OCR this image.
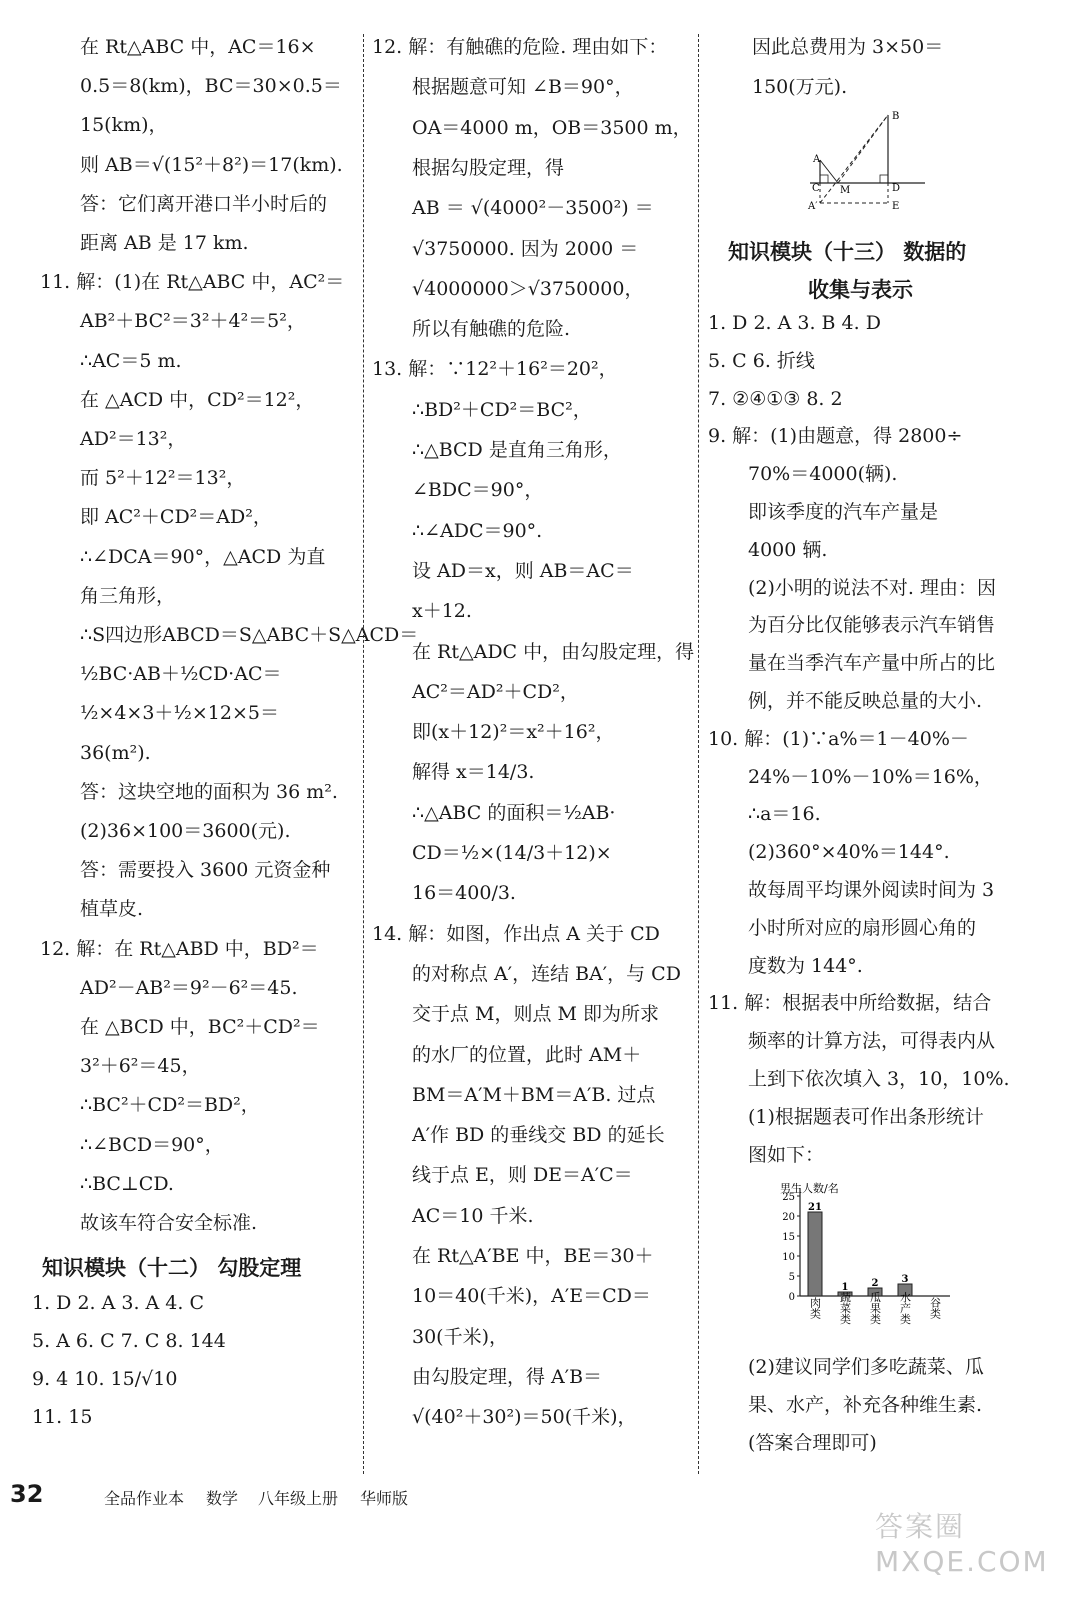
32	全品作业本 数学 八年级上册 华师版
答案圈 MXQE.COM
在 Rt△ABC 中，AC＝16×
0.5＝8(km)，BC＝30×0.5＝
15(km)，
则 AB＝√(15²＋8²)＝17(km).
答：它们离开港口半小时后的
距离 AB 是 17 km.
11. 解：(1)在 Rt△ABC 中，AC²＝
AB²＋BC²＝3²＋4²＝5²，
∴AC＝5 m.
在 △ACD 中，CD²＝12²，
AD²＝13²，
而 5²＋12²＝13²，
即 AC²＋CD²＝AD²，
∴∠DCA＝90°，△ACD 为直
角三角形，
∴S四边形ABCD＝S△ABC＋S△ACD＝
½BC·AB＋½CD·AC＝
½×4×3＋½×12×5＝
36(m²).
答：这块空地的面积为 36 m².
(2)36×100＝3600(元).
答：需要投入 3600 元资金种
植草皮.
12. 解：在 Rt△ABD 中，BD²＝
AD²－AB²＝9²－6²＝45.
在 △BCD 中，BC²＋CD²＝
3²＋6²＝45，
∴BC²＋CD²＝BD²，
∴∠BCD＝90°，
∴BC⊥CD.
故该车符合安全标准.
知识模块（十二） 勾股定理
1. D 2. A 3. A 4. C
5. A 6. C 7. C 8. 144
9. 4 10. 15/√10
11. 15
12. 解：有触礁的危险. 理由如下：
根据题意可知 ∠B＝90°，
OA＝4000 m，OB＝3500 m，
根据勾股定理，得
AB ＝ √(4000²－3500²) ＝
√3750000. 因为 2000 ＝
√4000000＞√3750000，
所以有触礁的危险.
13. 解：∵12²＋16²＝20²，
∴BD²＋CD²＝BC²，
∴△BCD 是直角三角形，
∠BDC＝90°，
∴∠ADC＝90°.
设 AD＝x，则 AB＝AC＝
x＋12.
在 Rt△ADC 中，由勾股定理，得
AC²＝AD²＋CD²，
即(x＋12)²＝x²＋16²，
解得 x＝14/3.
∴△ABC 的面积＝½AB·
CD＝½×(14/3＋12)×
16＝400/3.
14. 解：如图，作出点 A 关于 CD
的对称点 A′，连结 BA′，与 CD
交于点 M，则点 M 即为所求
的水厂的位置，此时 AM＋
BM＝A′M＋BM＝A′B. 过点
A′作 BD 的垂线交 BD 的延长
线于点 E，则 DE＝A′C＝
AC＝10 千米.
在 Rt△A′BE 中，BE＝30＋
10＝40(千米)，A′E＝CD＝
30(千米)，
由勾股定理，得 A′B＝
√(40²＋30²)＝50(千米)，
因此总费用为 3×50＝
150(万元).
知识模块（十三） 数据的
收集与表示
1. D 2. A 3. B 4. D
5. C 6. 折线
7. ②④①③ 8. 2
9. 解：(1)由题意，得 2800÷
70%＝4000(辆).
即该季度的汽车产量是
4000 辆.
(2)小明的说法不对. 理由：因
为百分比仅能够表示汽车销售
量在当季汽车产量中所占的比
例，并不能反映总量的大小.
10. 解：(1)∵a%＝1－40%－
24%－10%－10%＝16%，
∴a＝16.
(2)360°×40%＝144°.
故每周平均课外阅读时间为 3
小时所对应的扇形圆心角的
度数为 144°.
11. 解：根据表中所给数据，结合
频率的计算方法，可得表内从
上到下依次填入 3，10，10%.
(1)根据题表可作出条形统计
图如下：
(2)建议同学们多吃蔬菜、瓜
果、水产，补充各种维生素.
(答案合理即可)
A
B
C M	D
A′	E
男生人数/名
0
5
10
15
20
25
21
肉类
1
蔬菜类
2
瓜果类
3
水产类 谷类
